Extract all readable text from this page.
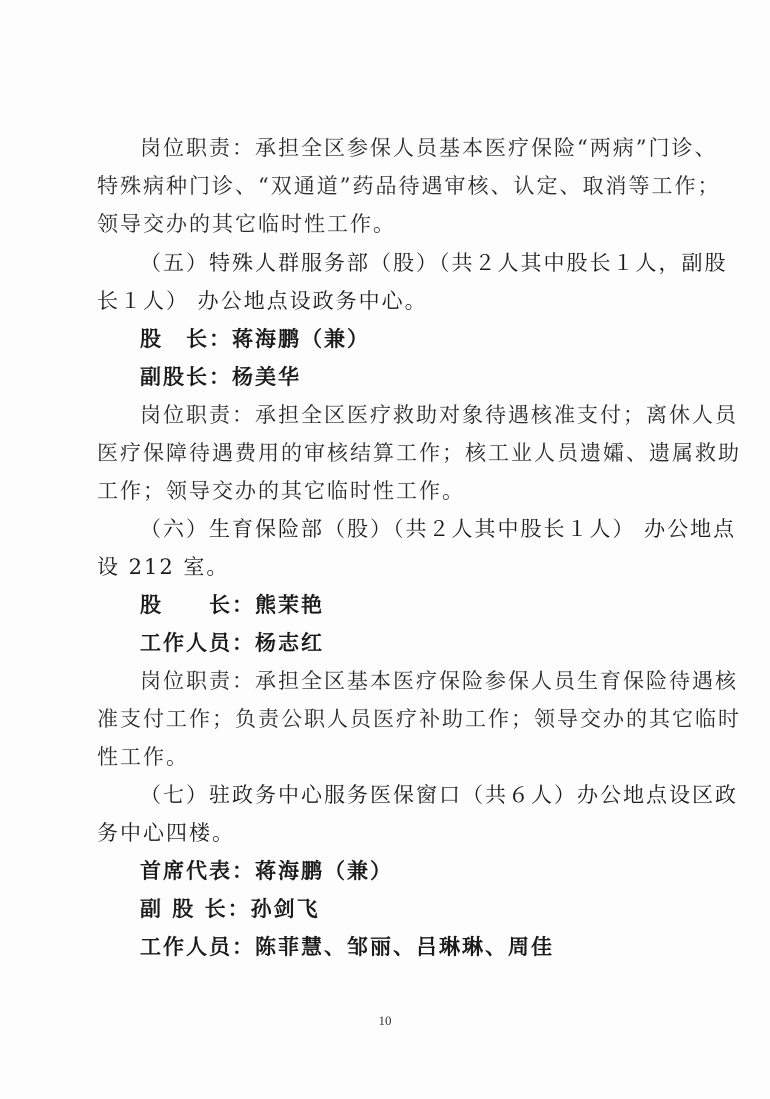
岗位职责：承担全区参保人员基本医疗保险“两病”门诊、
特殊病种门诊、“双通道”药品待遇审核、认定、取消等工作；
领导交办的其它临时性工作。
（五）特殊人群服务部（股）（共２人其中股长１人，副股
长１人） 办公地点设政务中心。
股　长：蒋海鹏（兼）
副股长：杨美华
岗位职责：承担全区医疗救助对象待遇核准支付；离休人员
医疗保障待遇费用的审核结算工作；核工业人员遗孀、遗属救助
工作；领导交办的其它临时性工作。
（六）生育保险部（股）（共２人其中股长１人） 办公地点
设 212 室。
股　　长：熊茉艳
工作人员：杨志红
岗位职责：承担全区基本医疗保险参保人员生育保险待遇核
准支付工作；负责公职人员医疗补助工作；领导交办的其它临时
性工作。
（七）驻政务中心服务医保窗口（共６人）办公地点设区政
务中心四楼。
首席代表：蒋海鹏（兼）
副 股 长：孙剑飞
工作人员：陈菲慧、邹丽、吕琳琳、周佳
10
